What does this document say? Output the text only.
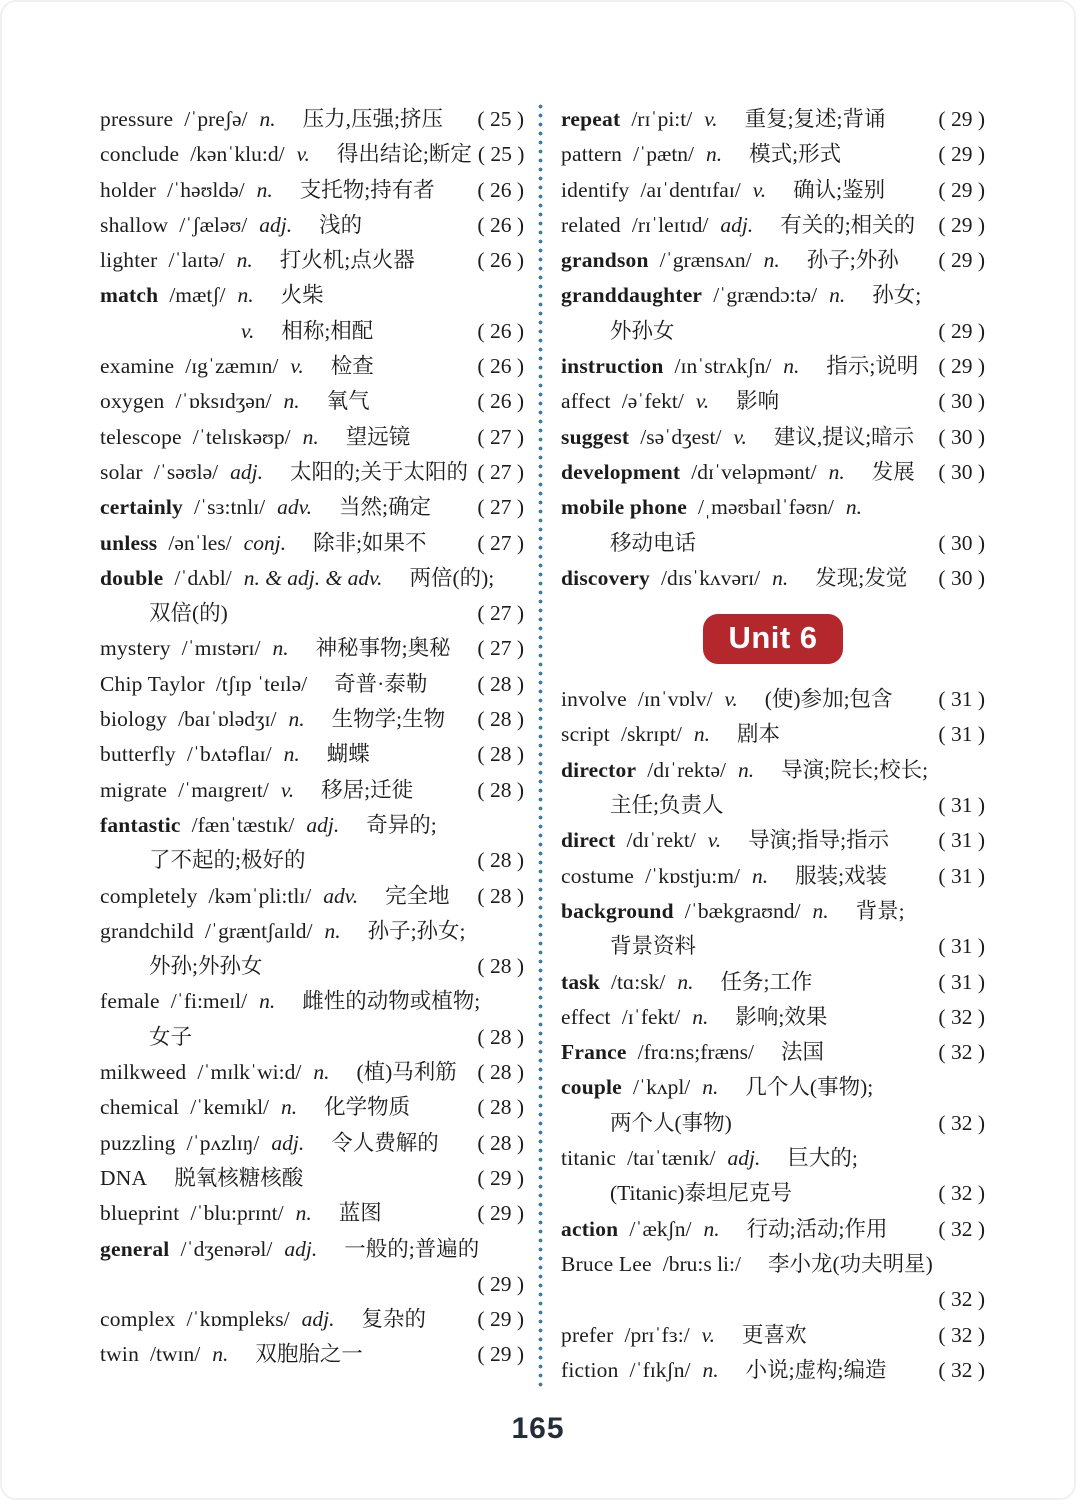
pressure /ˈpreʃə/ n. 压力,压强;挤压 ( 25 )
conclude /kənˈklu:d/ v. 得出结论;断定 ( 25 )
holder /ˈhəʊldə/ n. 支托物;持有者 ( 26 )
shallow /ˈʃæləʊ/ adj. 浅的	( 26 )
lighter /ˈlaɪtə/ n. 打火机;点火器	( 26 )
match /mætʃ/ n. 火柴
v. 相称;相配	( 26 )
examine /ɪgˈzæmɪn/ v. 检查	( 26 )
oxygen /ˈɒksɪdʒən/ n. 氧气	( 26 )
telescope /ˈtelɪskəʊp/ n. 望远镜	( 27 )
solar /ˈsəʊlə/ adj. 太阳的;关于太阳的 ( 27 )
certainly /ˈsɜ:tnlɪ/ adv. 当然;确定 ( 27 )
unless /ənˈles/ conj. 除非;如果不 ( 27 )
double /ˈdʌbl/ n. & adj. & adv. 两倍(的);
双倍(的)	( 27 )
mystery /ˈmɪstərɪ/ n. 神秘事物;奥秘 ( 27 )
Chip Taylor /tʃɪp ˈteɪlə/ 奇普·泰勒 ( 28 )
biology /baɪˈɒlədʒɪ/ n. 生物学;生物 ( 28 )
butterfly /ˈbʌtəflaɪ/ n. 蝴蝶	( 28 )
migrate /ˈmaɪgreɪt/ v. 移居;迁徙	( 28 )
fantastic /fænˈtæstɪk/ adj. 奇异的;
了不起的;极好的	( 28 )
completely /kəmˈpli:tlɪ/ adv. 完全地 ( 28 )
grandchild /ˈgræntʃaɪld/ n. 孙子;孙女;
外孙;外孙女	( 28 )
female /ˈfi:meɪl/ n. 雌性的动物或植物;
女子	( 28 )
milkweed /ˈmɪlkˈwi:d/ n. (植)马利筋 ( 28 )
chemical /ˈkemɪkl/ n. 化学物质	( 28 )
puzzling /ˈpʌzlɪŋ/ adj. 令人费解的 ( 28 )
DNA 脱氧核糖核酸	( 29 )
blueprint /ˈblu:prɪnt/ n. 蓝图	( 29 )
general /ˈdʒenərəl/ adj. 一般的;普遍的
( 29 )
complex /ˈkɒmpleks/ adj. 复杂的 ( 29 )
twin /twɪn/ n. 双胞胎之一	( 29 )
repeat /rɪˈpi:t/ v. 重复;复述;背诵 ( 29 )
pattern /ˈpætn/ n. 模式;形式	( 29 )
identify /aɪˈdentɪfaɪ/ v. 确认;鉴别 ( 29 )
related /rɪˈleɪtɪd/ adj. 有关的;相关的 ( 29 )
grandson /ˈgrænsʌn/ n. 孙子;外孙 ( 29 )
granddaughter /ˈgrændɔ:tə/ n. 孙女;
外孙女	( 29 )
instruction /ɪnˈstrʌkʃn/ n. 指示;说明 ( 29 )
affect /əˈfekt/ v. 影响	( 30 )
suggest /səˈdʒest/ v. 建议,提议;暗示 ( 30 )
development /dɪˈveləpmənt/ n. 发展 ( 30 )
mobile phone /ˌməʊbaɪlˈfəʊn/ n.
移动电话	( 30 )
discovery /dɪsˈkʌvərɪ/ n. 发现;发觉 ( 30 )
Unit 6
involve /ɪnˈvɒlv/ v. (使)参加;包含 ( 31 )
script /skrɪpt/ n. 剧本	( 31 )
director /dɪˈrektə/ n. 导演;院长;校长;
主任;负责人	( 31 )
direct /dɪˈrekt/ v. 导演;指导;指示 ( 31 )
costume /ˈkɒstju:m/ n. 服装;戏装 ( 31 )
background /ˈbækgraʊnd/ n. 背景;
背景资料	( 31 )
task /tɑ:sk/ n. 任务;工作	( 31 )
effect /ɪˈfekt/ n. 影响;效果	( 32 )
France /frɑ:ns;fræns/ 法国	( 32 )
couple /ˈkʌpl/ n. 几个人(事物);
两个人(事物)	( 32 )
titanic /taɪˈtænɪk/ adj. 巨大的;
(Titanic)泰坦尼克号	( 32 )
action /ˈækʃn/ n. 行动;活动;作用 ( 32 )
Bruce Lee /bru:s li:/ 李小龙(功夫明星)
( 32 )
prefer /prɪˈfɜ:/ v. 更喜欢	( 32 )
fiction /ˈfɪkʃn/ n. 小说;虚构;编造 ( 32 )
165
